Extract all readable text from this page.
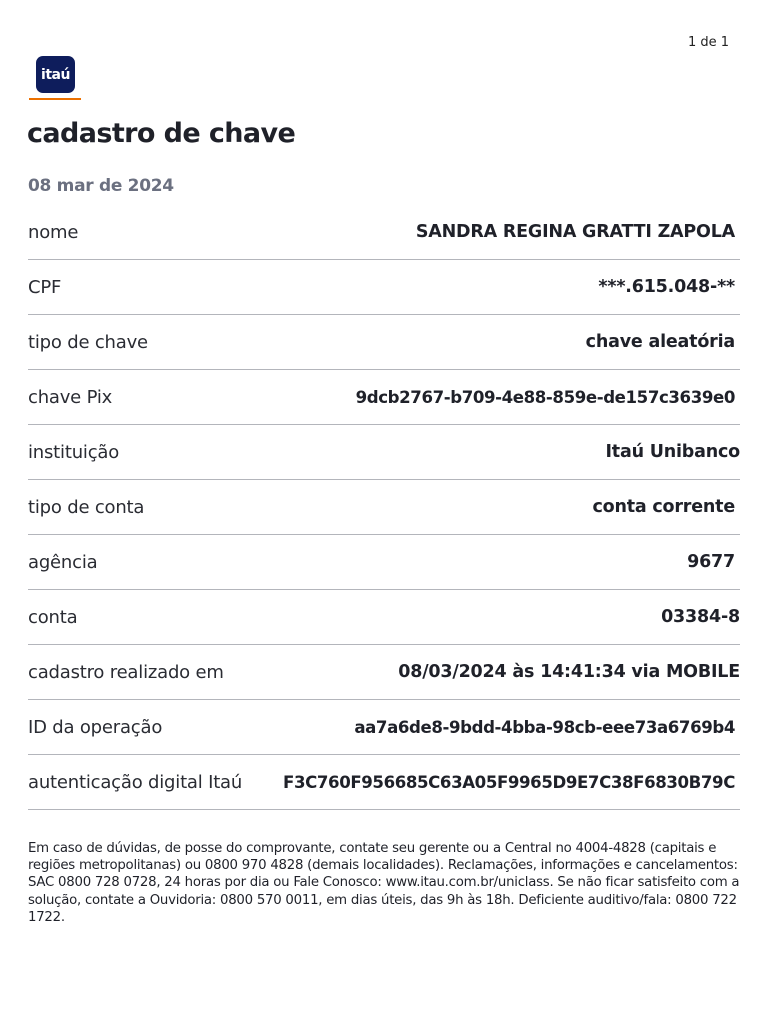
1 de 1
itaú
cadastro de chave
08 mar de 2024
nome	SANDRA REGINA GRATTI ZAPOLA
CPF	***.615.048-**
tipo de chave	chave aleatória
chave Pix	9dcb2767-b709-4e88-859e-de157c3639e0
instituição	Itaú Unibanco
tipo de conta	conta corrente
agência	9677
conta	03384-8
cadastro realizado em	08/03/2024 às 14:41:34 via MOBILE
ID da operação	aa7a6de8-9bdd-4bba-98cb-eee73a6769b4
autenticação digital Itaú F3C760F956685C63A05F9965D9E7C38F6830B79C
Em caso de dúvidas, de posse do comprovante, contate seu gerente ou a Central no 4004-4828 (capitais e regiões metropolitanas) ou 0800 970 4828 (demais localidades). Reclamações, informações e cancelamentos: SAC 0800 728 0728, 24 horas por dia ou Fale Conosco: www.itau.com.br/uniclass. Se não ficar satisfeito com a solução, contate a Ouvidoria: 0800 570 0011, em dias úteis, das 9h às 18h. Deficiente auditivo/fala: 0800 722 1722.
